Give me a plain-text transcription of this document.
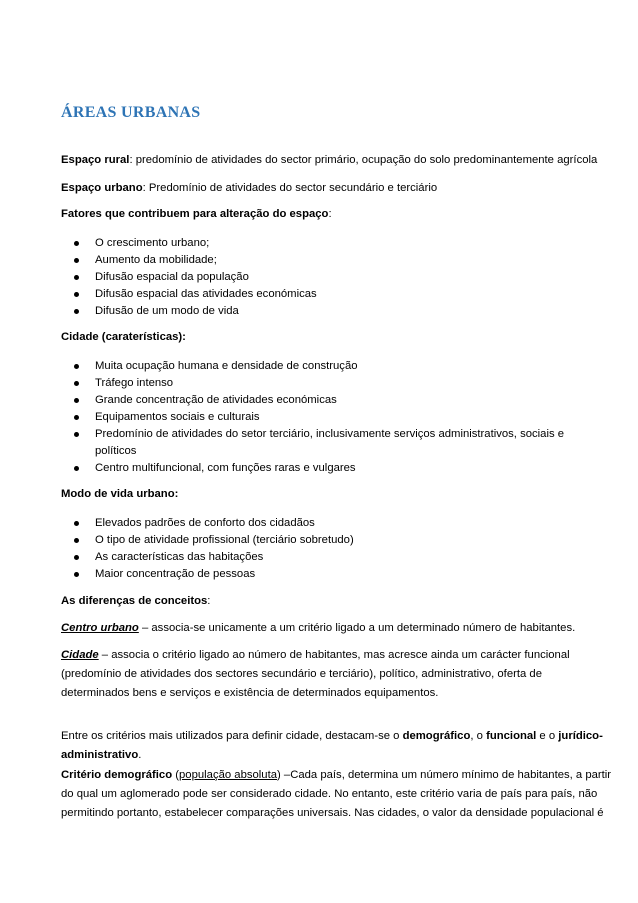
ÁREAS URBANAS
Espaço rural: predomínio de atividades do sector primário, ocupação do solo predominantemente agrícola
Espaço urbano: Predomínio de atividades do sector secundário e terciário
Fatores que contribuem para alteração do espaço:
O crescimento urbano;
Aumento da mobilidade;
Difusão espacial da população
Difusão espacial das atividades económicas
Difusão de um modo de vida
Cidade (caraterísticas):
Muita ocupação humana e densidade de construção
Tráfego intenso
Grande concentração de atividades económicas
Equipamentos sociais e culturais
Predomínio de atividades do setor terciário, inclusivamente serviços administrativos, sociais e
políticos
Centro multifuncional, com funções raras e vulgares
Modo de vida urbano:
Elevados padrões de conforto dos cidadãos
O tipo de atividade profissional (terciário sobretudo)
As características das habitações
Maior concentração de pessoas
As diferenças de conceitos:
Centro urbano – associa-se unicamente a um critério ligado a um determinado número de habitantes.
Cidade – associa o critério ligado ao número de habitantes, mas acresce ainda um carácter funcional
(predomínio de atividades dos sectores secundário e terciário), político, administrativo, oferta de
determinados bens e serviços e existência de determinados equipamentos.
Entre os critérios mais utilizados para definir cidade, destacam-se o demográfico, o funcional e o jurídico-
administrativo.
Critério demográfico (população absoluta) –Cada país, determina um número mínimo de habitantes, a partir
do qual um aglomerado pode ser considerado cidade. No entanto, este critério varia de país para país, não
permitindo portanto, estabelecer comparações universais. Nas cidades, o valor da densidade populacional é
